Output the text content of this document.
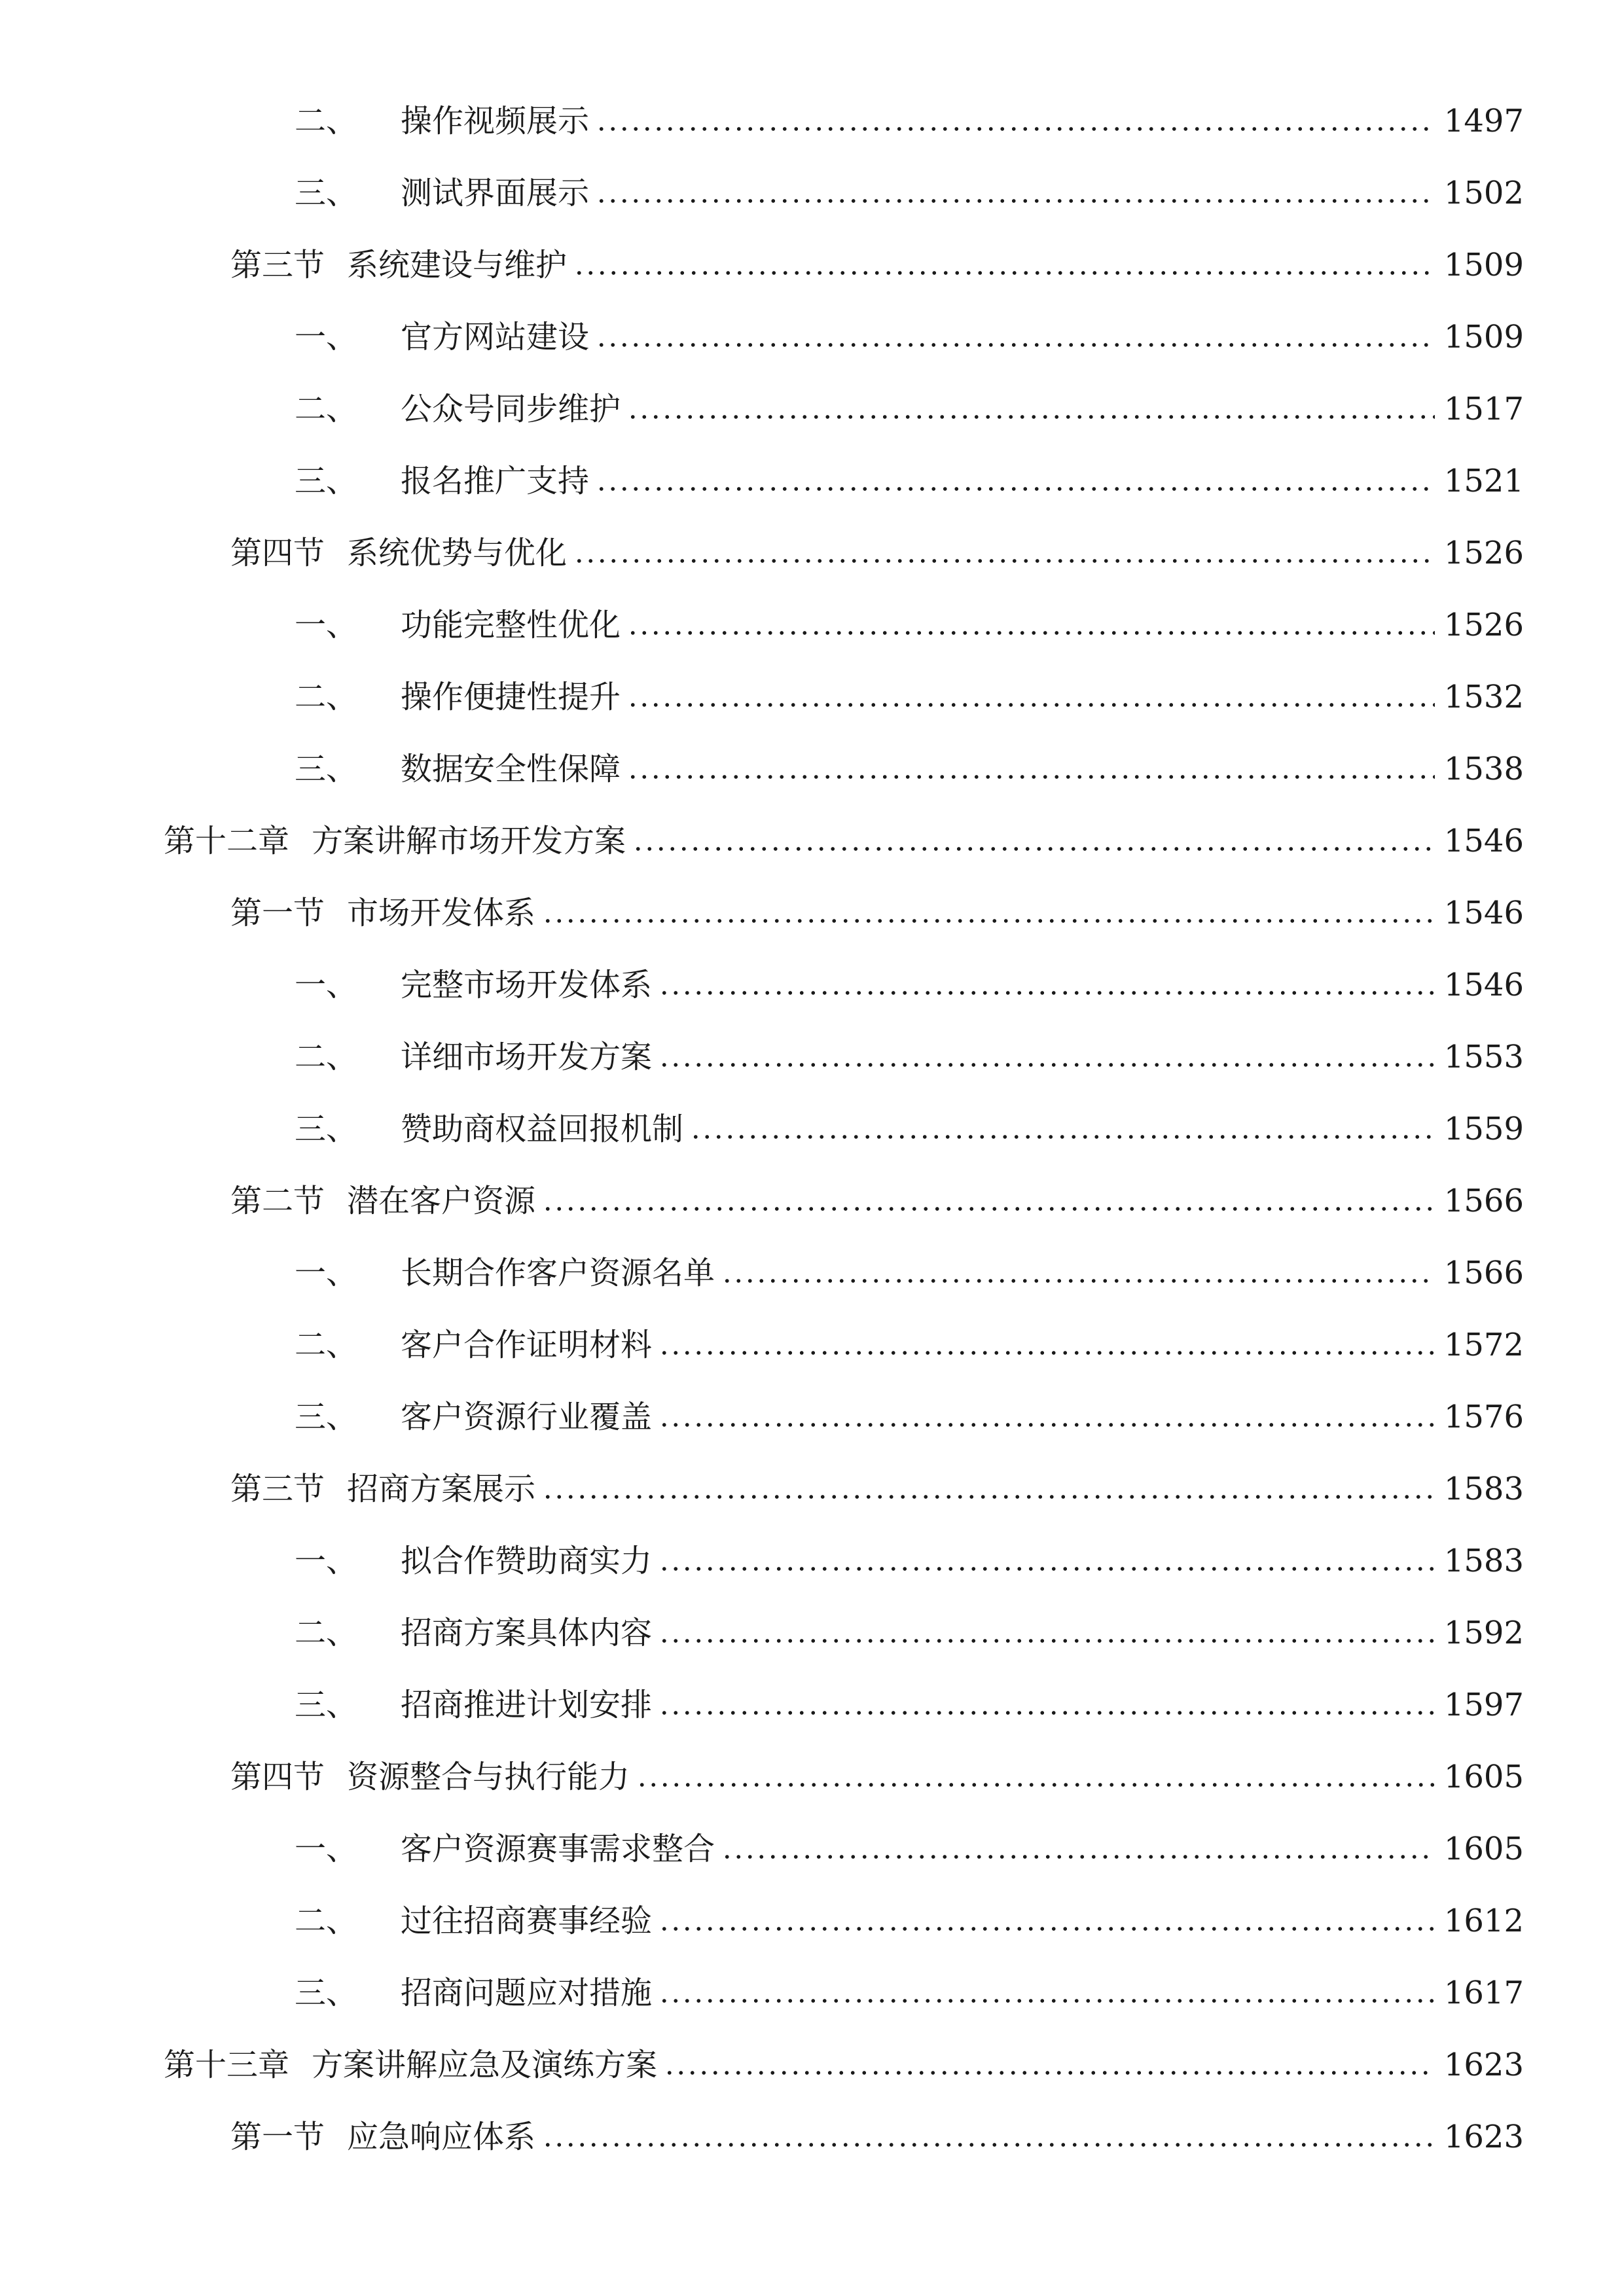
二、 操作视频展示	1497
三、 测试界面展示	1502
第三节 系统建设与维护	1509
一、 官方网站建设	1509
二、 公众号同步维护	1517
三、 报名推广支持	1521
第四节 系统优势与优化	1526
一、 功能完整性优化	1526
二、 操作便捷性提升	1532
三、 数据安全性保障	1538
第十二章 方案讲解市场开发方案	1546
第一节 市场开发体系	1546
一、 完整市场开发体系	1546
二、 详细市场开发方案	1553
三、 赞助商权益回报机制	1559
第二节 潜在客户资源	1566
一、 长期合作客户资源名单	1566
二、 客户合作证明材料	1572
三、 客户资源行业覆盖	1576
第三节 招商方案展示	1583
一、 拟合作赞助商实力	1583
二、 招商方案具体内容	1592
三、 招商推进计划安排	1597
第四节 资源整合与执行能力	1605
一、 客户资源赛事需求整合	1605
二、 过往招商赛事经验	1612
三、 招商问题应对措施	1617
第十三章 方案讲解应急及演练方案	1623
第一节 应急响应体系	1623
